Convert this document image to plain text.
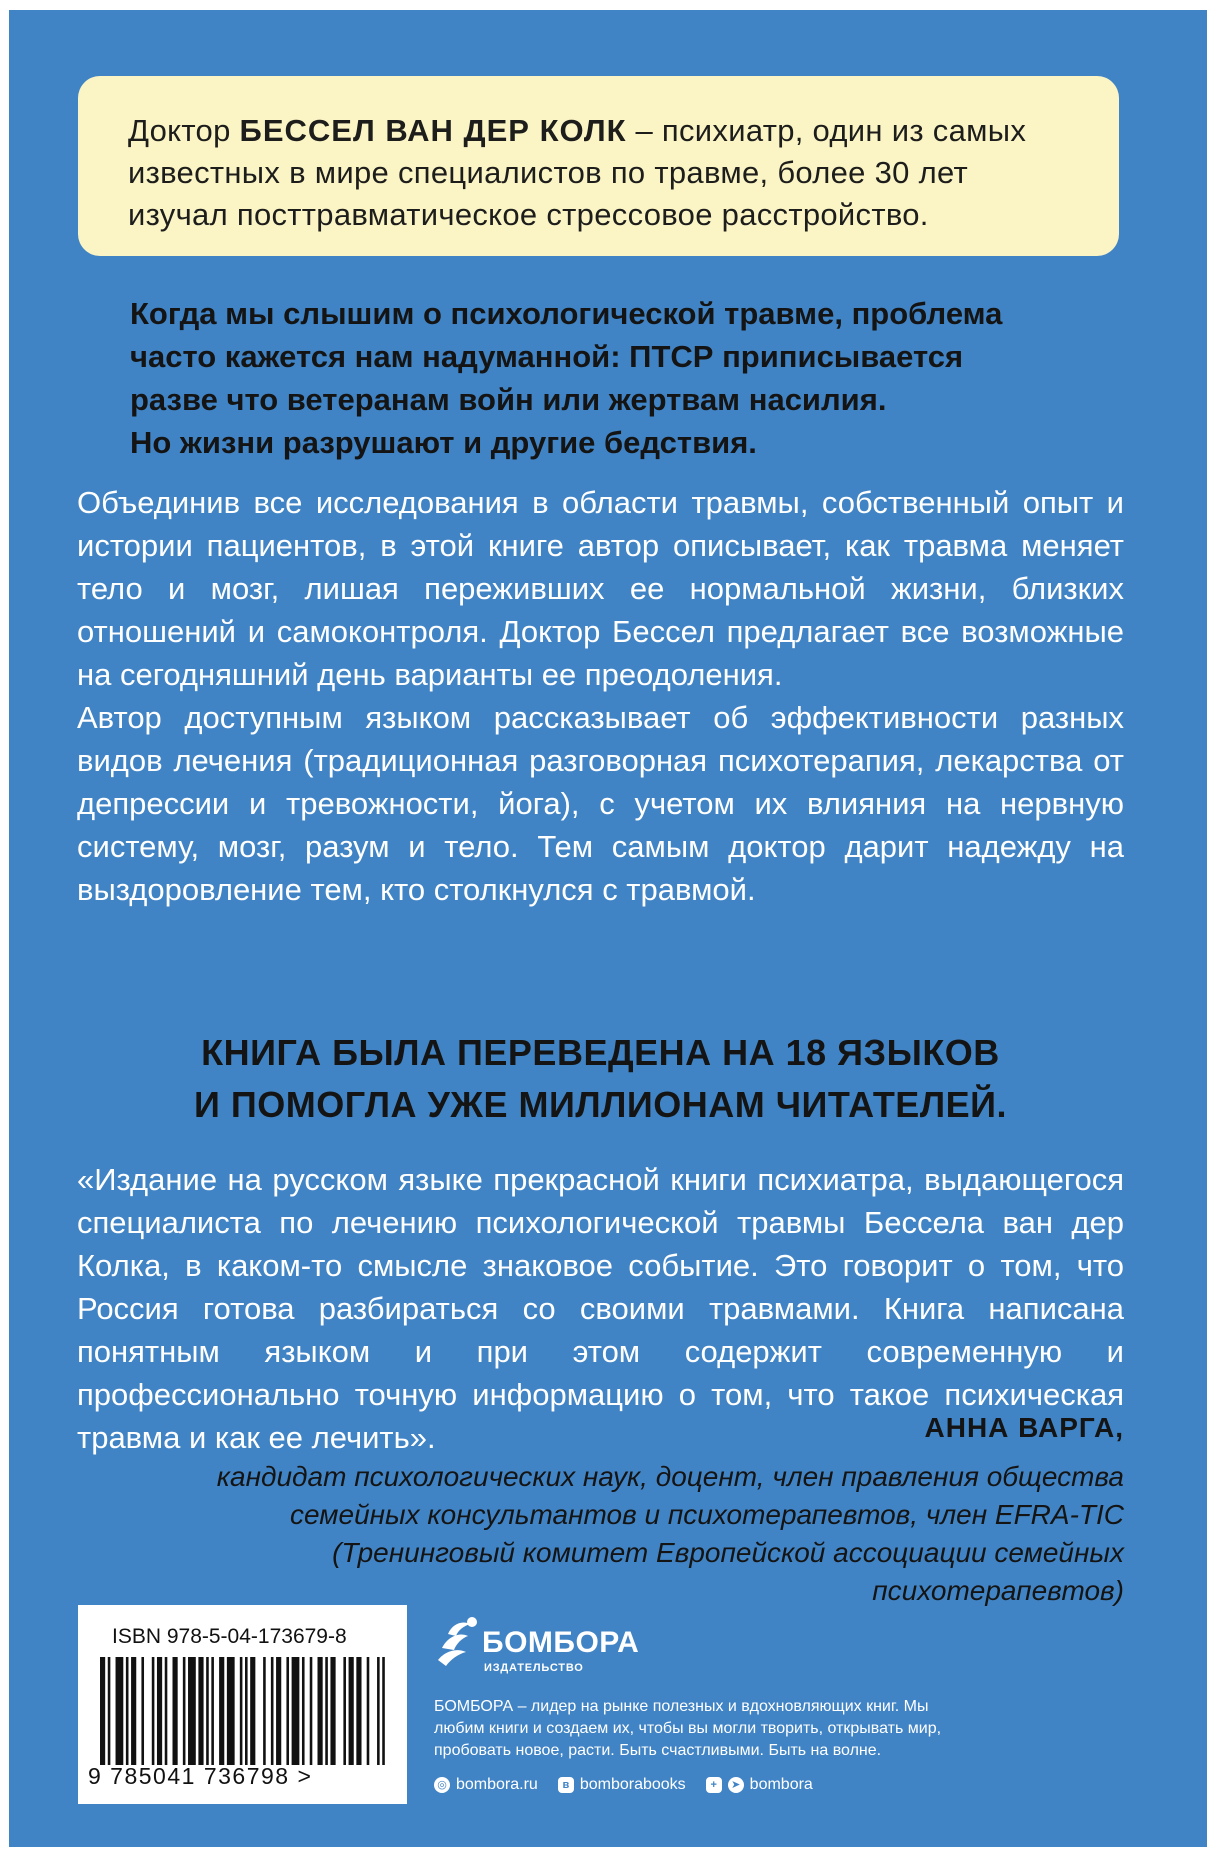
Доктор БЕССЕЛ ВАН ДЕР КОЛК – психиатр, один из самых известных в мире специалистов по травме, более 30 лет изучал посттравматическое стрессовое расстройство.
Когда мы слышим о психологической травме, проблема
часто кажется нам надуманной: ПТСР приписывается
разве что ветеранам войн или жертвам насилия.
Но жизни разрушают и другие бедствия.

Объединив все исследования в области травмы, собственный опыт и истории пациентов, в этой книге автор описывает, как травма меняет тело и мозг, лишая переживших ее нормальной жизни, близких отношений и самоконтроля. Доктор Бессел предлагает все возможные на сегодняшний день варианты ее преодоления.

Автор доступным языком рассказывает об эффективности разных видов лечения (традиционная разговорная психотерапия, лекарства от депрессии и тревожности, йога), с учетом их влияния на нервную систему, мозг, разум и тело. Тем самым доктор дарит надежду на выздоровление тем, кто столкнулся с травмой.

КНИГА БЫЛА ПЕРЕВЕДЕНА НА 18 ЯЗЫКОВ
И ПОМОГЛА УЖЕ МИЛЛИОНАМ ЧИТАТЕЛЕЙ.
«Издание на русском языке прекрасной книги психиатра, выдающегося специалиста по лечению психологической травмы Бессела ван дер Колка, в каком-то смысле знаковое событие. Это говорит о том, что Россия готова разбираться со своими травмами. Книга написана понятным языком и при этом содержит современную и профессионально точную информацию о том, что такое психическая травма и как ее лечить».	АННА ВАРГА,
кандидат психологических наук, доцент, член правления общества семейных консультантов и психотерапевтов, член EFRA-TIC (Тренинговый комитет Европейской ассоциации семейных психотерапевтов)
ISBN 978-5-04-173679-8
9 785041 736798 >
БОМБОРА
ИЗДАТЕЛЬСТВО
БОМБОРА – лидер на рынке полезных и вдохновляющих книг. Мы любим книги и создаем их, чтобы вы могли творить, открывать мир, пробовать новое, расти. Быть счастливыми. Быть на волне.
◎ bombora.ru	в bomborabooks	+	➤ bombora
